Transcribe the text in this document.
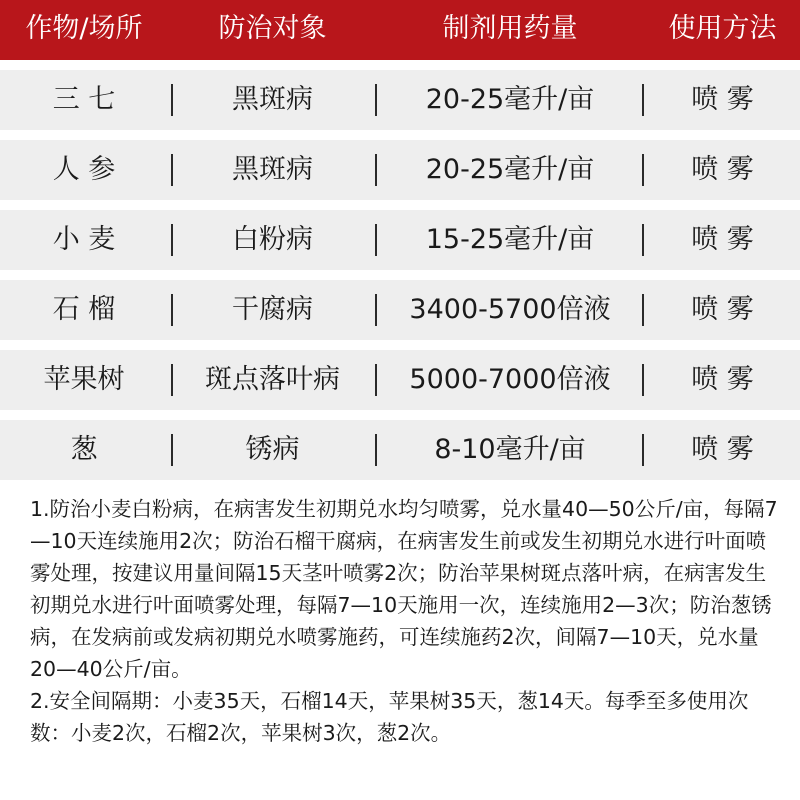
作物/场所	防治对象	制剂用药量	使用方法
三 七	黑斑病	20-25毫升/亩	喷 雾
人 参	黑斑病	20-25毫升/亩	喷 雾
小 麦	白粉病	15-25毫升/亩	喷 雾
石 榴	干腐病	3400-5700倍液	喷 雾
苹果树	斑点落叶病	5000-7000倍液	喷 雾
葱	锈病	8-10毫升/亩	喷 雾

1.防治小麦白粉病，在病害发生初期兑水均匀喷雾，兑水量40—50公斤/亩，每隔7—10天连续施用2次；防治石榴干腐病，在病害发生前或发生初期兑水进行叶面喷雾处理，按建议用量间隔15天茎叶喷雾2次；防治苹果树斑点落叶病，在病害发生初期兑水进行叶面喷雾处理，每隔7—10天施用一次，连续施用2—3次；防治葱锈病，在发病前或发病初期兑水喷雾施药，可连续施药2次，间隔7—10天，兑水量20—40公斤/亩。

2.安全间隔期：小麦35天，石榴14天，苹果树35天，葱14天。每季至多使用次数：小麦2次，石榴2次，苹果树3次，葱2次。
